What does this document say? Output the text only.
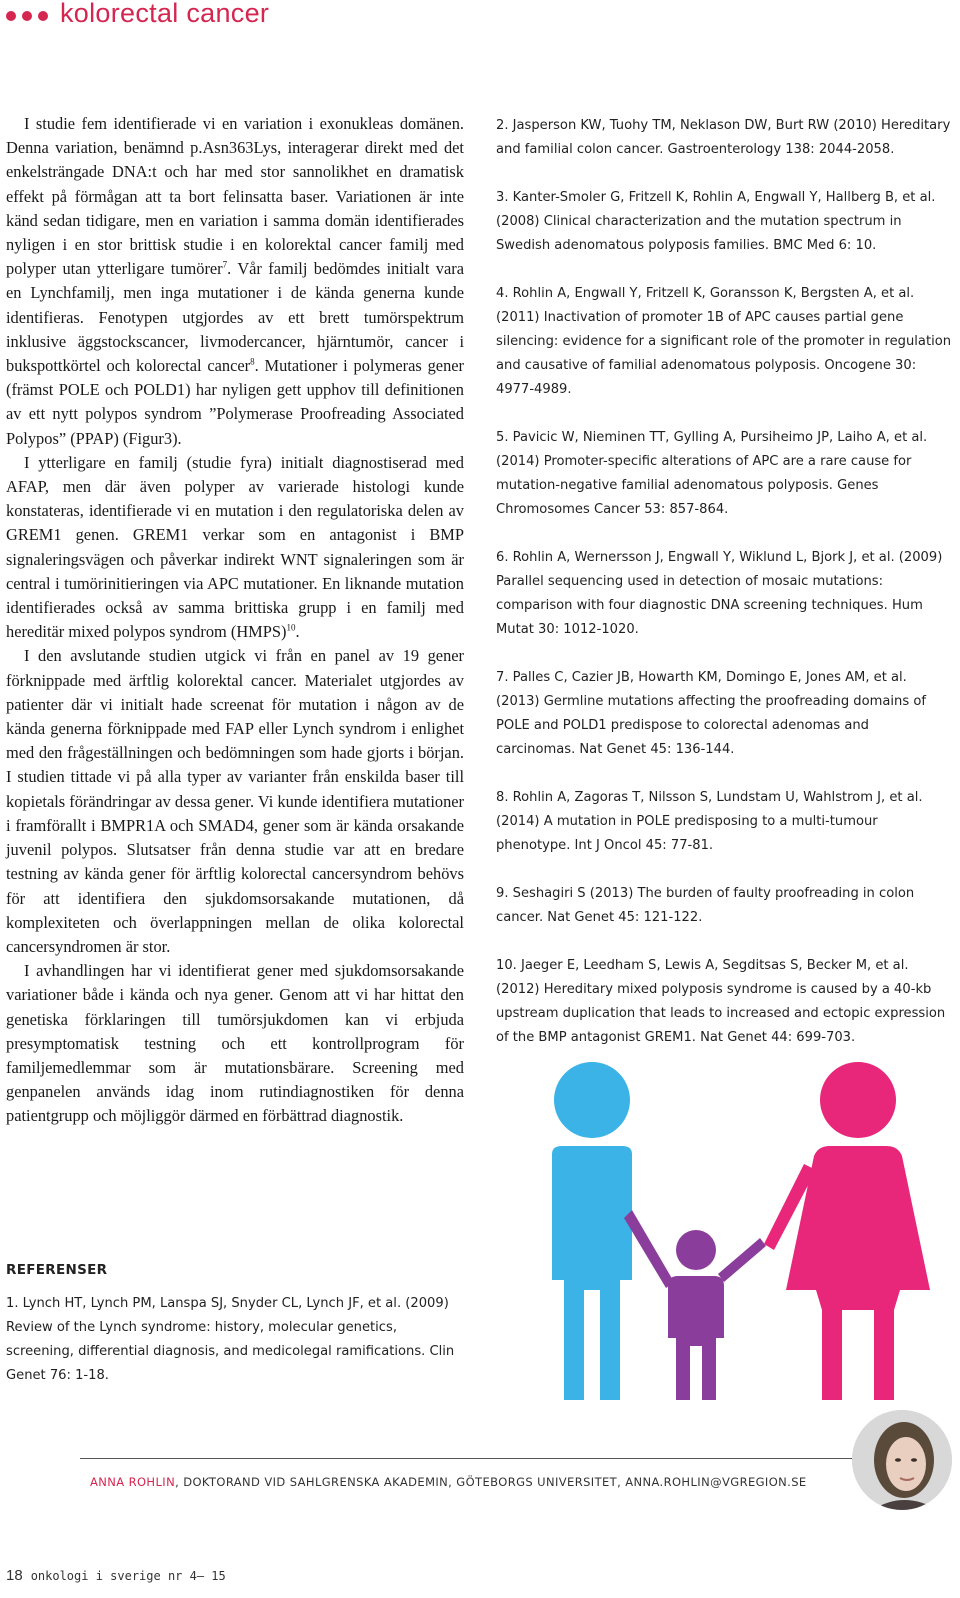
kolorectal cancer

I studie fem identifierade vi en variation i exonukleas domänen. Denna variation, benämnd p.Asn363Lys, interagerar direkt med det enkelsträngade DNA:t och har med stor sannolikhet en dramatisk effekt på förmågan att ta bort felinsatta baser. Variationen är inte känd sedan tidigare, men en variation i samma domän identifierades nyligen i en stor brittisk studie i en kolorektal cancer familj med polyper utan ytterligare tumörer$^7$. Vår familj bedömdes initialt vara en Lynchfamilj, men inga mutationer i de kända generna kunde identifieras. Fenotypen utgjordes av ett brett tumörspektrum inklusive äggstockscancer, livmodercancer, hjärntumör, cancer i bukspottkörtel och kolorectal cancer$^8$. Mutationer i polymeras gener (främst POLE och POLD1) har nyligen gett upphov till definitionen av ett nytt polypos syndrom ”Polymerase Proofreading Associated Polypos” (PPAP) (Figur3).

I ytterligare en familj (studie fyra) initialt diagnostiserad med AFAP, men där även polyper av varierade histologi kunde konstateras, identifierade vi en mutation i den regulatoriska delen av GREM1 genen. GREM1 verkar som en antagonist i BMP signaleringsvägen och påverkar indirekt WNT signaleringen som är central i tumörinitieringen via APC mutationer. En liknande mutation identifierades också av samma brittiska grupp i en familj med hereditär mixed polypos syndrom (HMPS)$^{10}$.

I den avslutande studien utgick vi från en panel av 19 gener förknippade med ärftlig kolorektal cancer. Materialet utgjordes av patienter där vi initialt hade screenat för mutation i någon av de kända generna förknippade med FAP eller Lynch syndrom i enlighet med den frågeställningen och bedömningen som hade gjorts i början. I studien tittade vi på alla typer av varianter från enskilda baser till kopietals förändringar av dessa gener. Vi kunde identifiera mutationer i framförallt i BMPR1A och SMAD4, gener som är kända orsakande juvenil polypos. Slutsatser från denna studie var att en bredare testning av kända gener för ärftlig kolorectal cancersyndrom behövs för att identifiera den sjukdomsorsakande mutationen, då komplexiteten och överlappningen mellan de olika kolorectal cancersyndromen är stor.

I avhandlingen har vi identifierat gener med sjukdomsorsakande variationer både i kända och nya gener. Genom att vi har hittat den genetiska förklaringen till tumörsjukdomen kan vi erbjuda presymptomatisk testning och ett kontrollprogram för familjemedlemmar som är mutationsbärare. Screening med genpanelen används idag inom rutindiagnostiken för denna patientgrupp och möjliggör därmed en förbättrad diagnostik.

REFERENSER

1. Lynch HT, Lynch PM, Lanspa SJ, Snyder CL, Lynch JF, et al. (2009) Review of the Lynch syndrome: history, molecular genetics, screening, differential diagnosis, and medicolegal ramifications. Clin Genet 76: 1-18.

2. Jasperson KW, Tuohy TM, Neklason DW, Burt RW (2010) Hereditary and familial colon cancer. Gastroenterology 138: 2044-2058.

3. Kanter-Smoler G, Fritzell K, Rohlin A, Engwall Y, Hallberg B, et al. (2008) Clinical characterization and the mutation spectrum in Swedish adenomatous polyposis families. BMC Med 6: 10.

4. Rohlin A, Engwall Y, Fritzell K, Goransson K, Bergsten A, et al. (2011) Inactivation of promoter 1B of APC causes partial gene silencing: evidence for a significant role of the promoter in regulation and causative of familial adenomatous polyposis. Oncogene 30: 4977-4989.

5. Pavicic W, Nieminen TT, Gylling A, Pursiheimo JP, Laiho A, et al. (2014) Promoter-specific alterations of APC are a rare cause for mutation-negative familial adenomatous polyposis. Genes Chromosomes Cancer 53: 857-864.

6. Rohlin A, Wernersson J, Engwall Y, Wiklund L, Bjork J, et al. (2009) Parallel sequencing used in detection of mosaic mutations: comparison with four diagnostic DNA screening techniques. Hum Mutat 30: 1012-1020.

7. Palles C, Cazier JB, Howarth KM, Domingo E, Jones AM, et al. (2013) Germline mutations affecting the proofreading domains of POLE and POLD1 predispose to colorectal adenomas and carcinomas. Nat Genet 45: 136-144.

8. Rohlin A, Zagoras T, Nilsson S, Lundstam U, Wahlstrom J, et al. (2014) A mutation in POLE predisposing to a multi-tumour phenotype. Int J Oncol 45: 77-81.

9. Seshagiri S (2013) The burden of faulty proofreading in colon cancer. Nat Genet 45: 121-122.

10. Jaeger E, Leedham S, Lewis A, Segditsas S, Becker M, et al. (2012) Hereditary mixed polyposis syndrome is caused by a 40-kb upstream duplication that leads to increased and ectopic expression of the BMP antagonist GREM1. Nat Genet 44: 699-703.

ANNA ROHLIN, DOKTORAND VID SAHLGRENSKA AKADEMIN, GÖTEBORGS UNIVERSITET, ANNA.ROHLIN@VGREGION.SE
18 onkologi i sverige nr 4– 15
